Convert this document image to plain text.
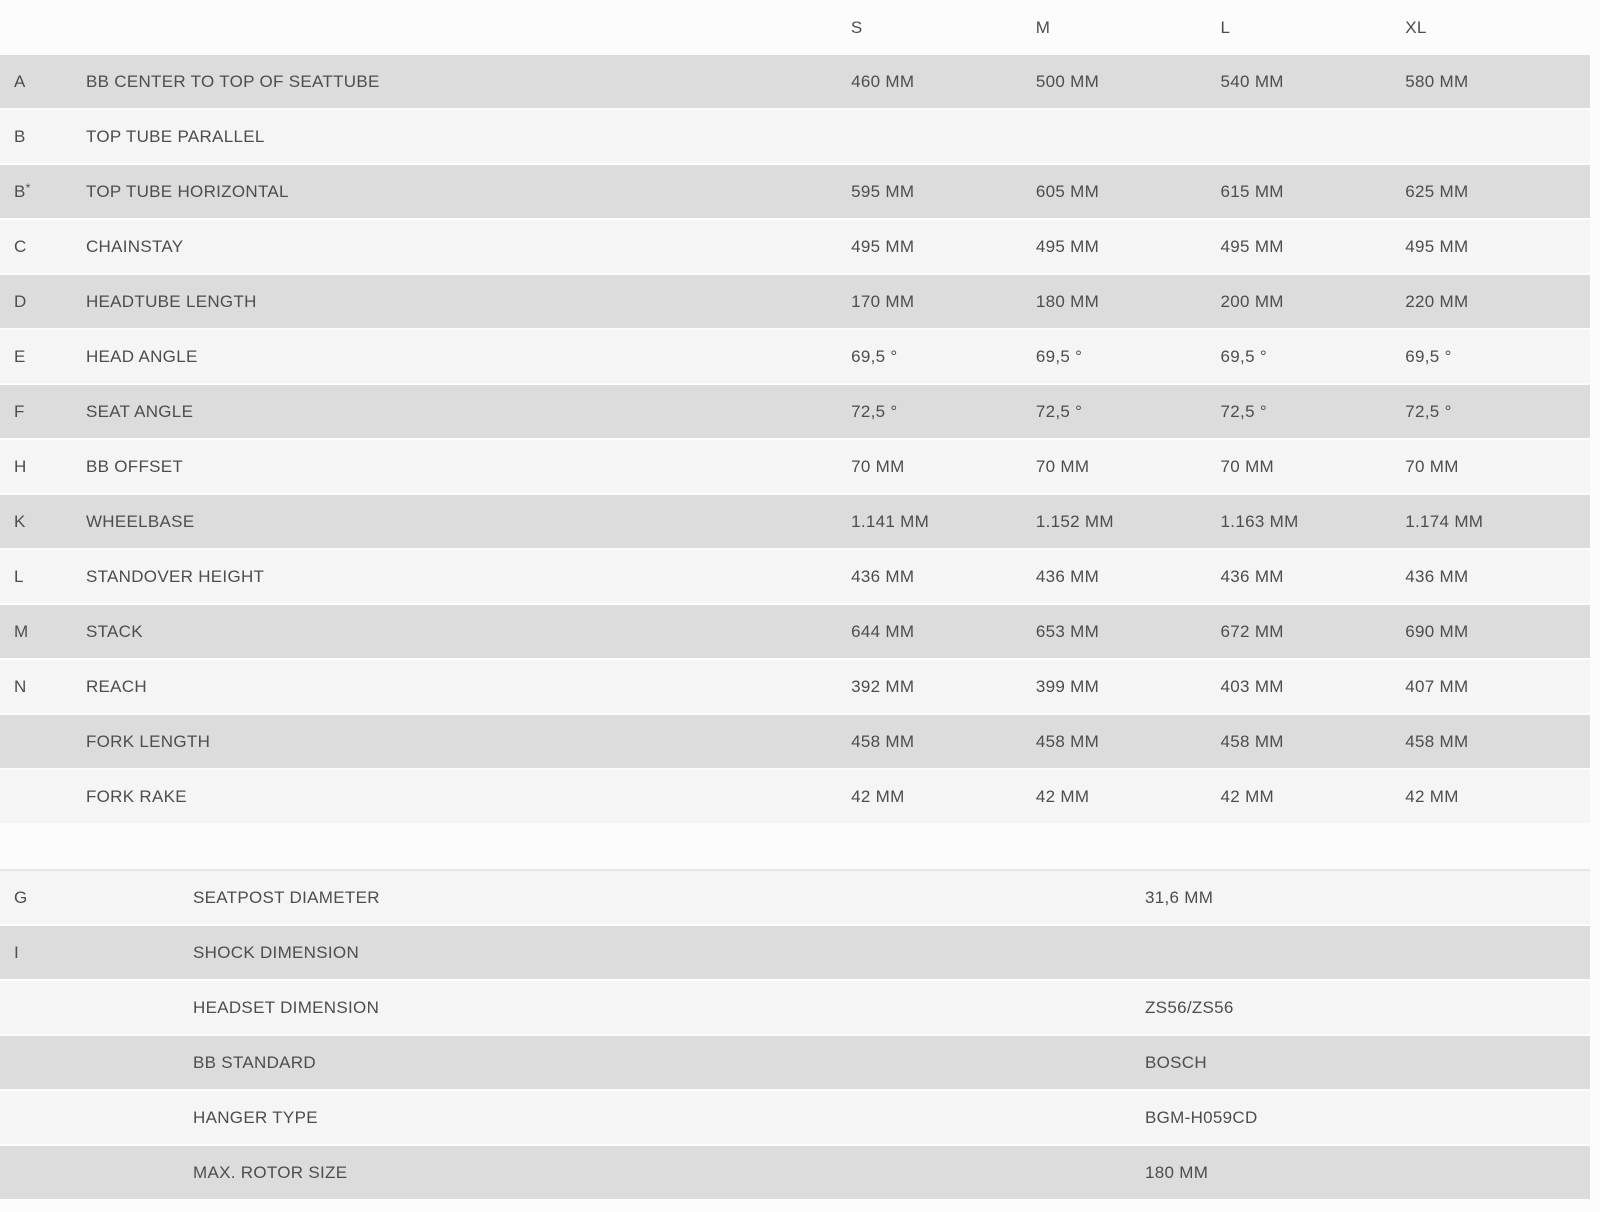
S	M	L	XL
A	BB CENTER TO TOP OF SEATTUBE	460 MM	500 MM	540 MM	580 MM
B	TOP TUBE PARALLEL
B*	TOP TUBE HORIZONTAL	595 MM	605 MM	615 MM	625 MM
C	CHAINSTAY	495 MM	495 MM	495 MM	495 MM
D	HEADTUBE LENGTH	170 MM	180 MM	200 MM	220 MM
E	HEAD ANGLE	69,5 °	69,5 °	69,5 °	69,5 °
F	SEAT ANGLE	72,5 °	72,5 °	72,5 °	72,5 °
H	BB OFFSET	70 MM	70 MM	70 MM	70 MM
K	WHEELBASE	1.141 MM	1.152 MM	1.163 MM	1.174 MM
L	STANDOVER HEIGHT	436 MM	436 MM	436 MM	436 MM
M	STACK	644 MM	653 MM	672 MM	690 MM
N	REACH	392 MM	399 MM	403 MM	407 MM
FORK LENGTH	458 MM	458 MM	458 MM	458 MM
FORK RAKE	42 MM	42 MM	42 MM	42 MM
G	SEATPOST DIAMETER	31,6 MM
I	SHOCK DIMENSION
HEADSET DIMENSION	ZS56/ZS56
BB STANDARD	BOSCH
HANGER TYPE	BGM-H059CD
MAX. ROTOR SIZE	180 MM
